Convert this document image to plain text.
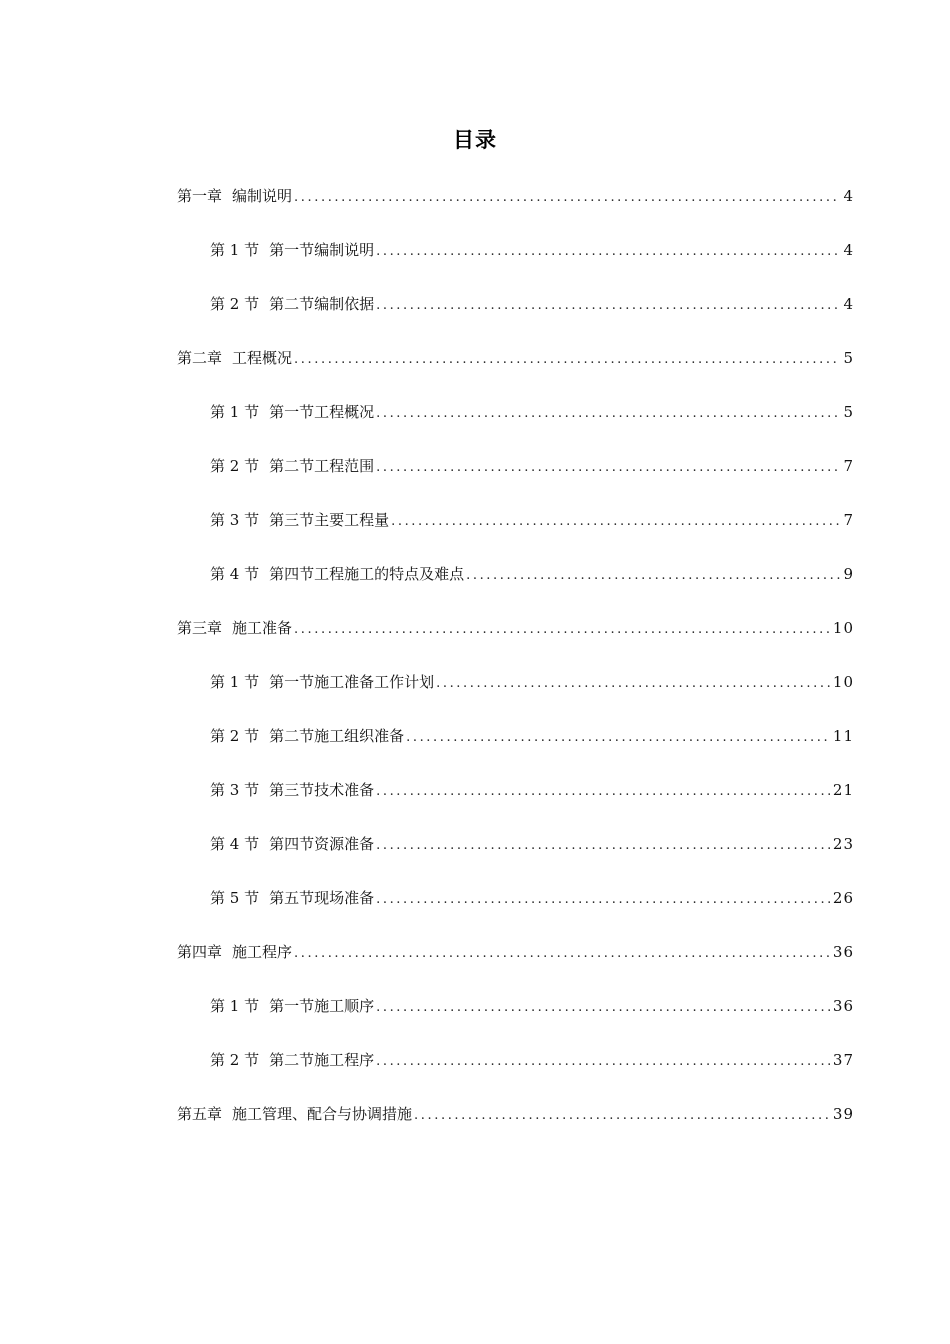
目录
第一章 编制说明 .....	4
第 1 节 第一节编制说明 .....	4
第 2 节 第二节编制依据 .....	4
第二章 工程概况 .....	5
第 1 节 第一节工程概况 .....	5
第 2 节 第二节工程范围 .....	7
第 3 节 第三节主要工程量 .....	7
第 4 节 第四节工程施工的特点及难点 .....	9
第三章 施工准备 .....	10
第 1 节 第一节施工准备工作计划 .....	10
第 2 节 第二节施工组织准备 .....	11
第 3 节 第三节技术准备 .....	21
第 4 节 第四节资源准备 .....	23
第 5 节 第五节现场准备 .....	26
第四章 施工程序 .....	36
第 1 节 第一节施工顺序 .....	36
第 2 节 第二节施工程序 .....	37
第五章 施工管理、配合与协调措施 .....	39
